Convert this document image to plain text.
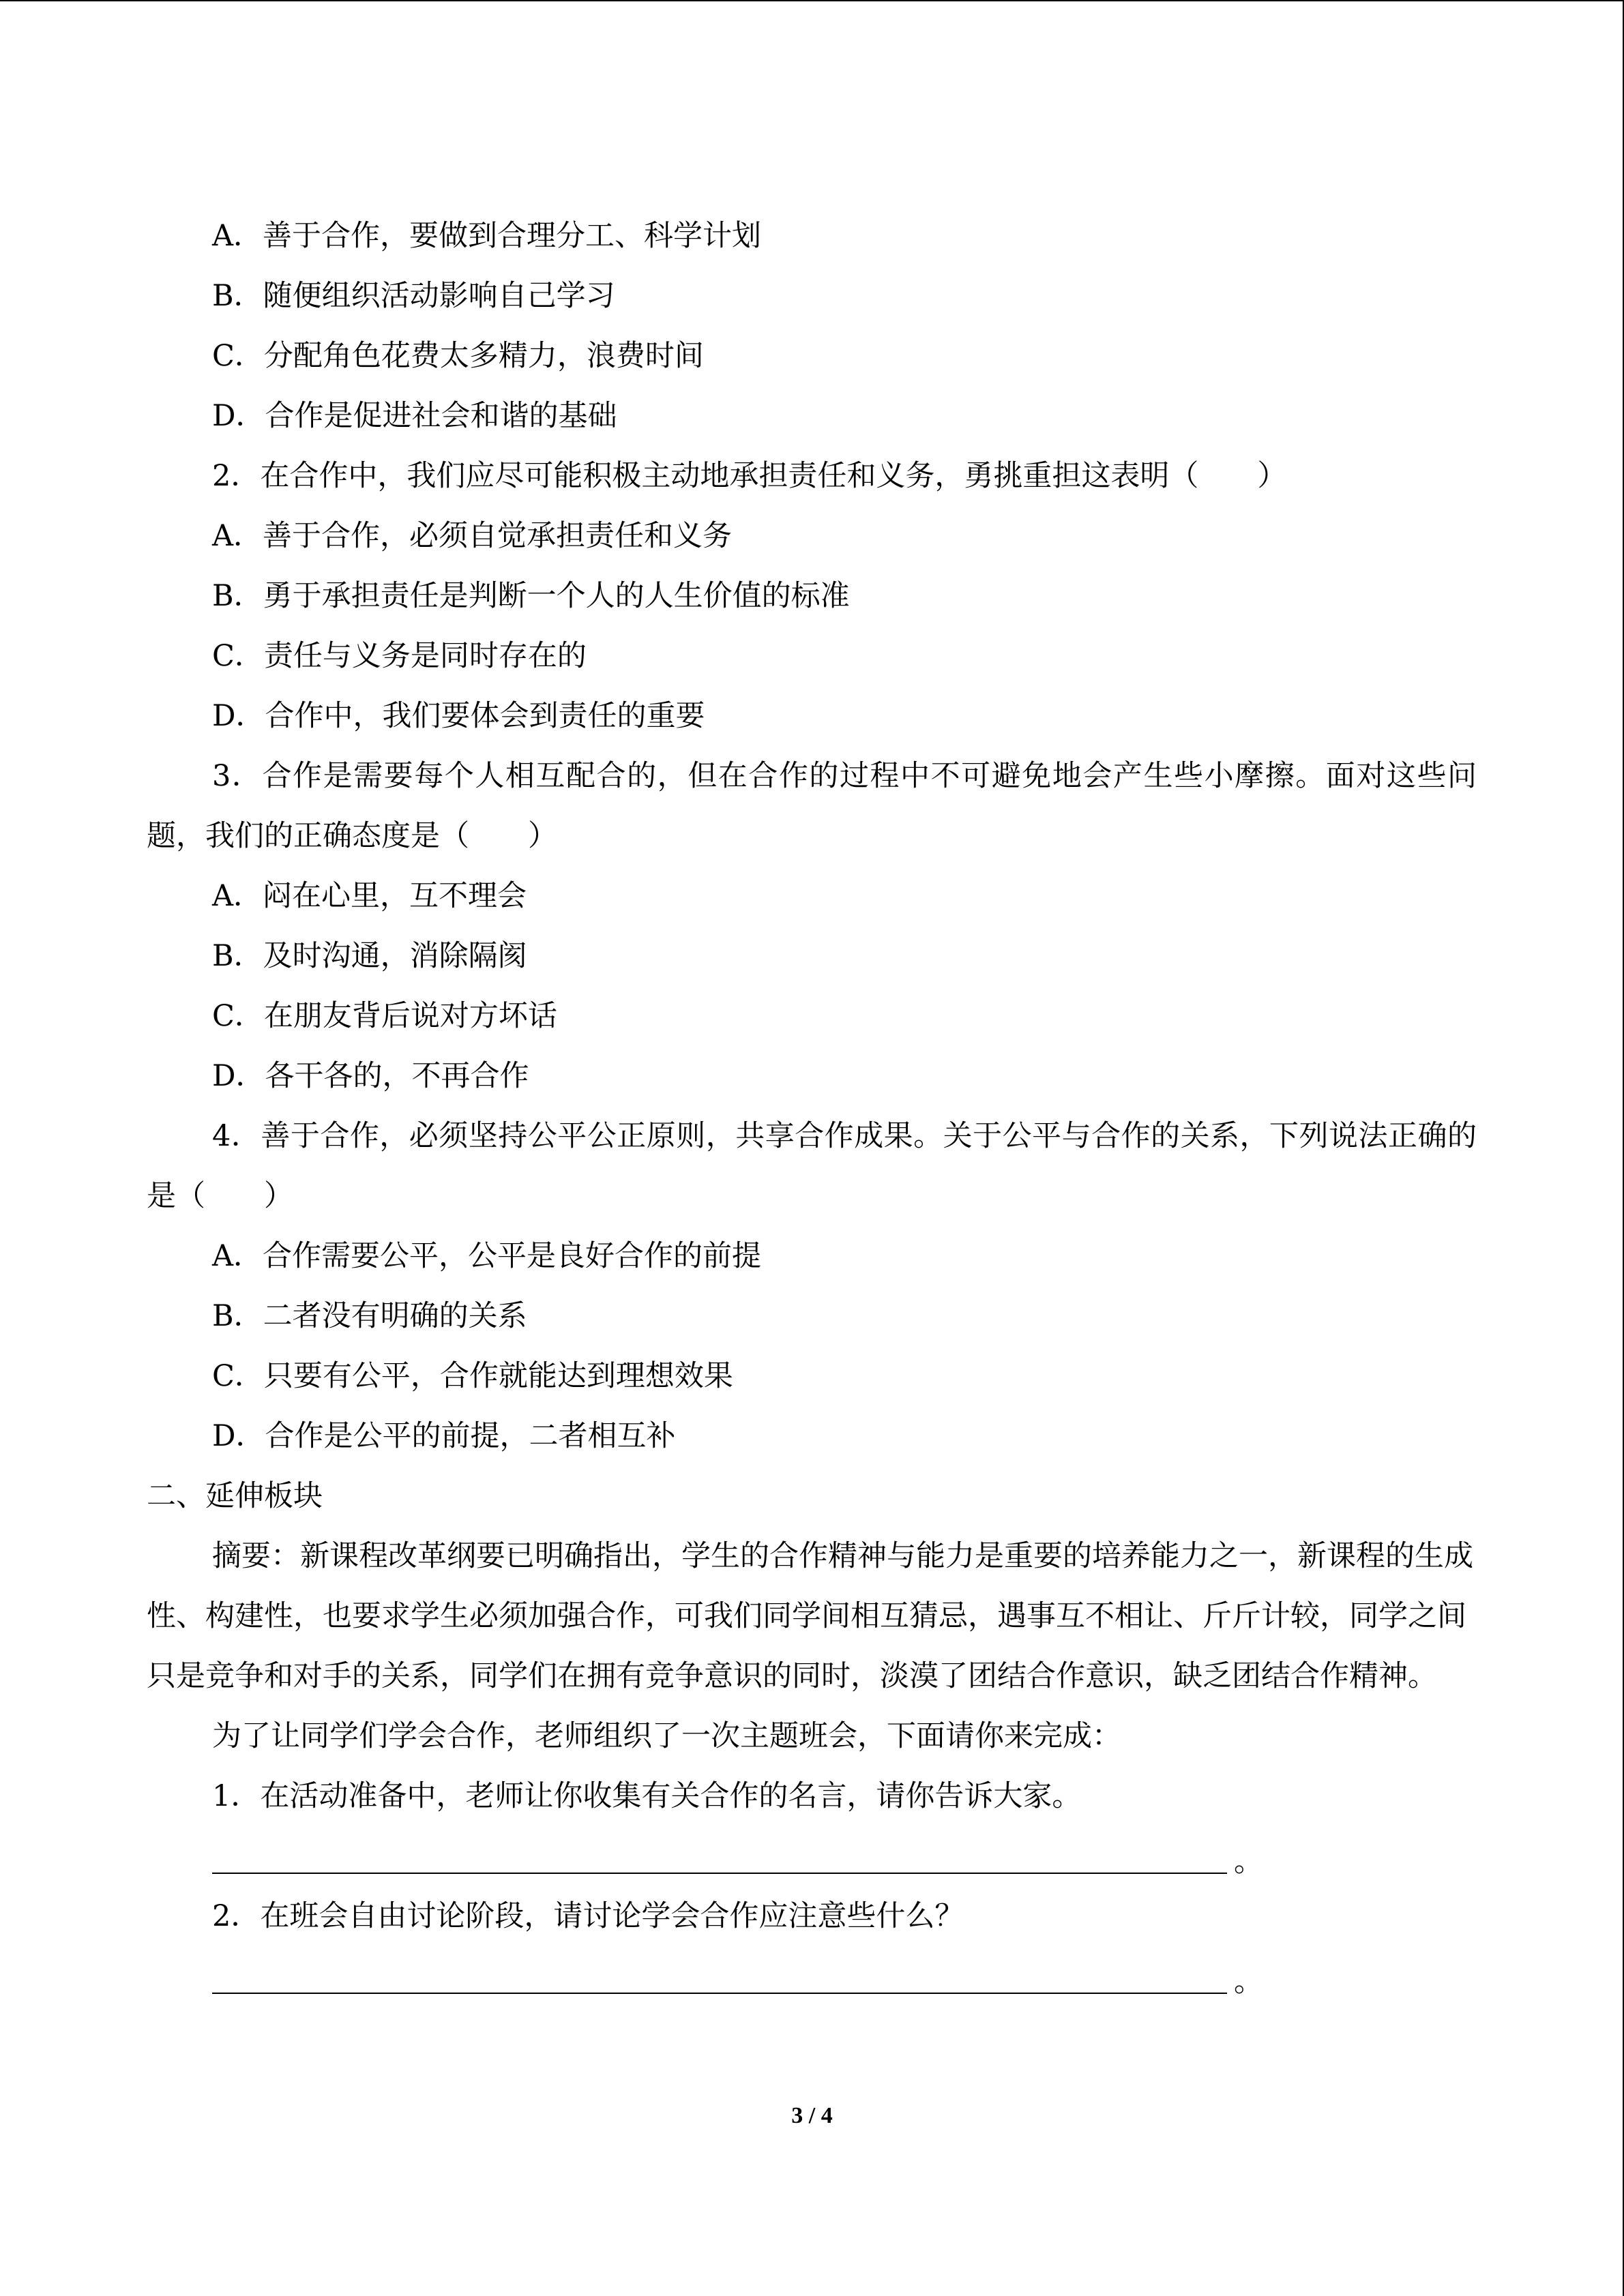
A．善于合作，要做到合理分工、科学计划
B．随便组织活动影响自己学习
C．分配角色花费太多精力，浪费时间
D．合作是促进社会和谐的基础
2．在合作中，我们应尽可能积极主动地承担责任和义务，勇挑重担这表明（　　）
A．善于合作，必须自觉承担责任和义务
B．勇于承担责任是判断一个人的人生价值的标准
C．责任与义务是同时存在的
D．合作中，我们要体会到责任的重要
3．合作是需要每个人相互配合的，但在合作的过程中不可避免地会产生些小摩擦。面对这些问题，我们的正确态度是（　　）
A．闷在心里，互不理会
B．及时沟通，消除隔阂
C．在朋友背后说对方坏话
D．各干各的，不再合作
4．善于合作，必须坚持公平公正原则，共享合作成果。关于公平与合作的关系，下列说法正确的是（　　）
A．合作需要公平，公平是良好合作的前提
B．二者没有明确的关系
C．只要有公平，合作就能达到理想效果
D．合作是公平的前提，二者相互补
二、延伸板块
摘要：新课程改革纲要已明确指出，学生的合作精神与能力是重要的培养能力之一，新课程的生成性、构建性，也要求学生必须加强合作，可我们同学间相互猜忌，遇事互不相让、斤斤计较，同学之间只是竞争和对手的关系，同学们在拥有竞争意识的同时，淡漠了团结合作意识，缺乏团结合作精神。
为了让同学们学会合作，老师组织了一次主题班会，下面请你来完成：
1．在活动准备中，老师让你收集有关合作的名言，请你告诉大家。
。
2．在班会自由讨论阶段，请讨论学会合作应注意些什么？
。
3 / 4
